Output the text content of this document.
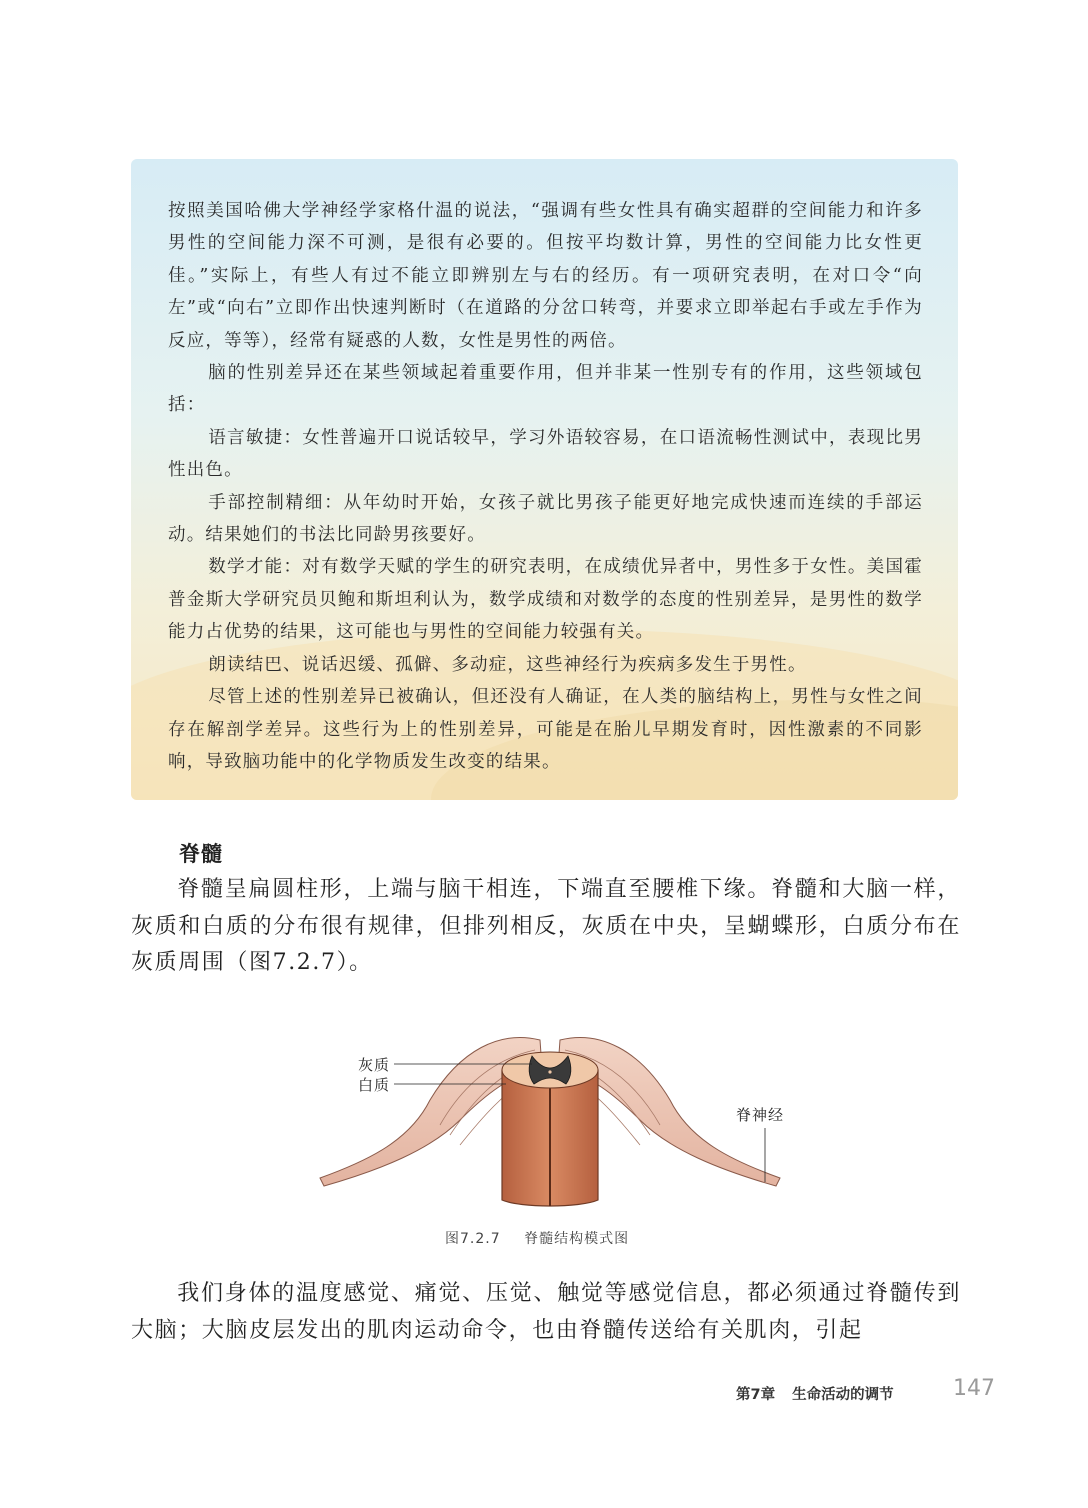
按照美国哈佛大学神经学家格什温的说法，“强调有些女性具有确实超群的空间能力和许多男性的空间能力深不可测，是很有必要的。但按平均数计算，男性的空间能力比女性更佳。”实际上，有些人有过不能立即辨别左与右的经历。有一项研究表明，在对口令“向左”或“向右”立即作出快速判断时（在道路的分岔口转弯，并要求立即举起右手或左手作为反应，等等），经常有疑惑的人数，女性是男性的两倍。

脑的性别差异还在某些领域起着重要作用，但并非某一性别专有的作用，这些领域包括：

语言敏捷：女性普遍开口说话较早，学习外语较容易，在口语流畅性测试中，表现比男性出色。

手部控制精细：从年幼时开始，女孩子就比男孩子能更好地完成快速而连续的手部运动。结果她们的书法比同龄男孩要好。

数学才能：对有数学天赋的学生的研究表明，在成绩优异者中，男性多于女性。美国霍普金斯大学研究员贝鲍和斯坦利认为，数学成绩和对数学的态度的性别差异，是男性的数学能力占优势的结果，这可能也与男性的空间能力较强有关。

朗读结巴、说话迟缓、孤僻、多动症，这些神经行为疾病多发生于男性。

尽管上述的性别差异已被确认，但还没有人确证，在人类的脑结构上，男性与女性之间存在解剖学差异。这些行为上的性别差异，可能是在胎儿早期发育时，因性激素的不同影响，导致脑功能中的化学物质发生改变的结果。

脊髓

脊髓呈扁圆柱形，上端与脑干相连，下端直至腰椎下缘。脊髓和大脑一样，灰质和白质的分布很有规律，但排列相反，灰质在中央，呈蝴蝶形，白质分布在灰质周围（图7.2.7）。

灰质
白质
脊神经
图7.2.7 脊髓结构模式图

我们身体的温度感觉、痛觉、压觉、触觉等感觉信息，都必须通过脊髓传到大脑；大脑皮层发出的肌肉运动命令，也由脊髓传送给有关肌肉，引起

第7章 生命活动的调节	147
